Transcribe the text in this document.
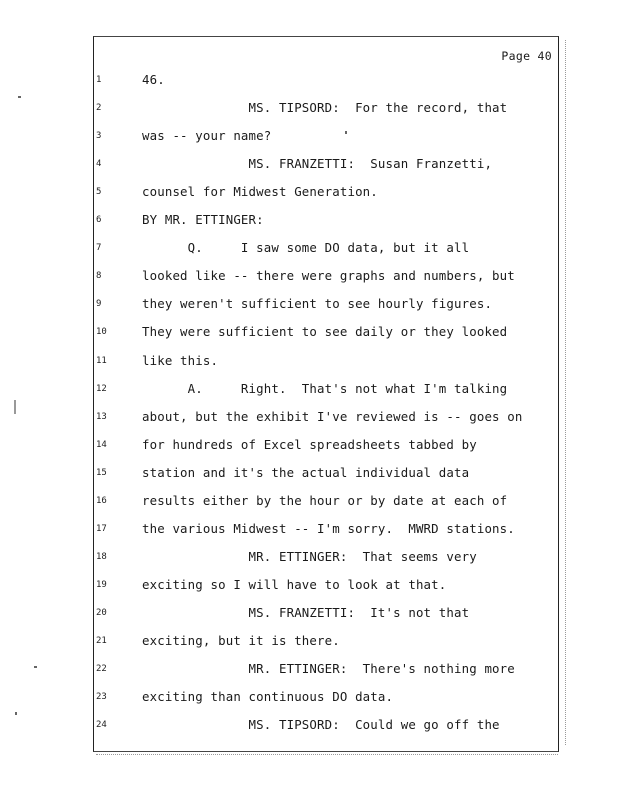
Page 40
1	46.
2	MS. TIPSORD:  For the record, that
3	was -- your name?
4	MS. FRANZETTI:  Susan Franzetti,
5	counsel for Midwest Generation.
6	BY MR. ETTINGER:
7	Q.     I saw some DO data, but it all
8	looked like -- there were graphs and numbers, but
9	they weren't sufficient to see hourly figures.
10	They were sufficient to see daily or they looked
11	like this.
12	A.     Right.  That's not what I'm talking
13	about, but the exhibit I've reviewed is -- goes on
14	for hundreds of Excel spreadsheets tabbed by
15	station and it's the actual individual data
16	results either by the hour or by date at each of
17	the various Midwest -- I'm sorry.  MWRD stations.
18	MR. ETTINGER:  That seems very
19	exciting so I will have to look at that.
20	MS. FRANZETTI:  It's not that
21	exciting, but it is there.
22	MR. ETTINGER:  There's nothing more
23	exciting than continuous DO data.
24	MS. TIPSORD:  Could we go off the
